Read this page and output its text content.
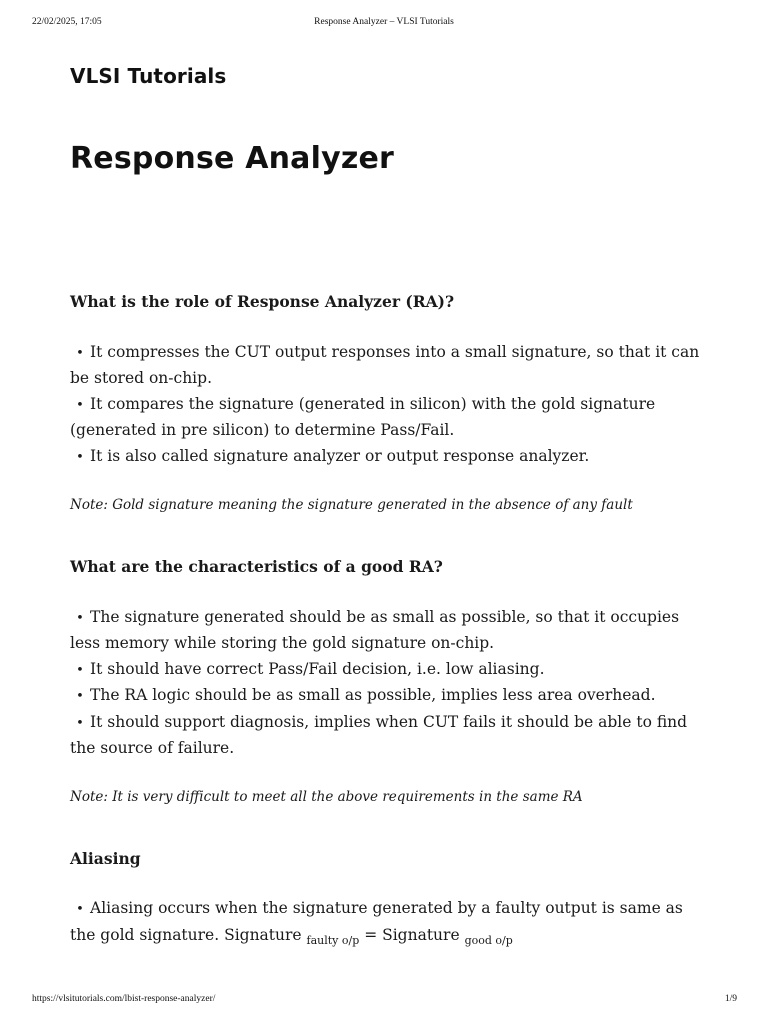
22/02/2025, 17:05	Response Analyzer – VLSI Tutorials
VLSI Tutorials
Response Analyzer
What is the role of Response Analyzer (RA)?
• It compresses the CUT output responses into a small signature, so that it can be stored on-chip.
• It compares the signature (generated in silicon) with the gold signature (generated in pre silicon) to determine Pass/Fail.
• It is also called signature analyzer or output response analyzer.

Note: Gold signature meaning the signature generated in the absence of any fault

What are the characteristics of a good RA?
• The signature generated should be as small as possible, so that it occupies less memory while storing the gold signature on-chip.
• It should have correct Pass/Fail decision, i.e. low aliasing.
• The RA logic should be as small as possible, implies less area overhead.
• It should support diagnosis, implies when CUT fails it should be able to find the source of failure.

Note: It is very difficult to meet all the above requirements in the same RA

Aliasing
• Aliasing occurs when the signature generated by a faulty output is same as the gold signature. Signature $_{faulty o/p}$ = Signature $_{good o/p}$
https://vlsitutorials.com/lbist-response-analyzer/	1/9
